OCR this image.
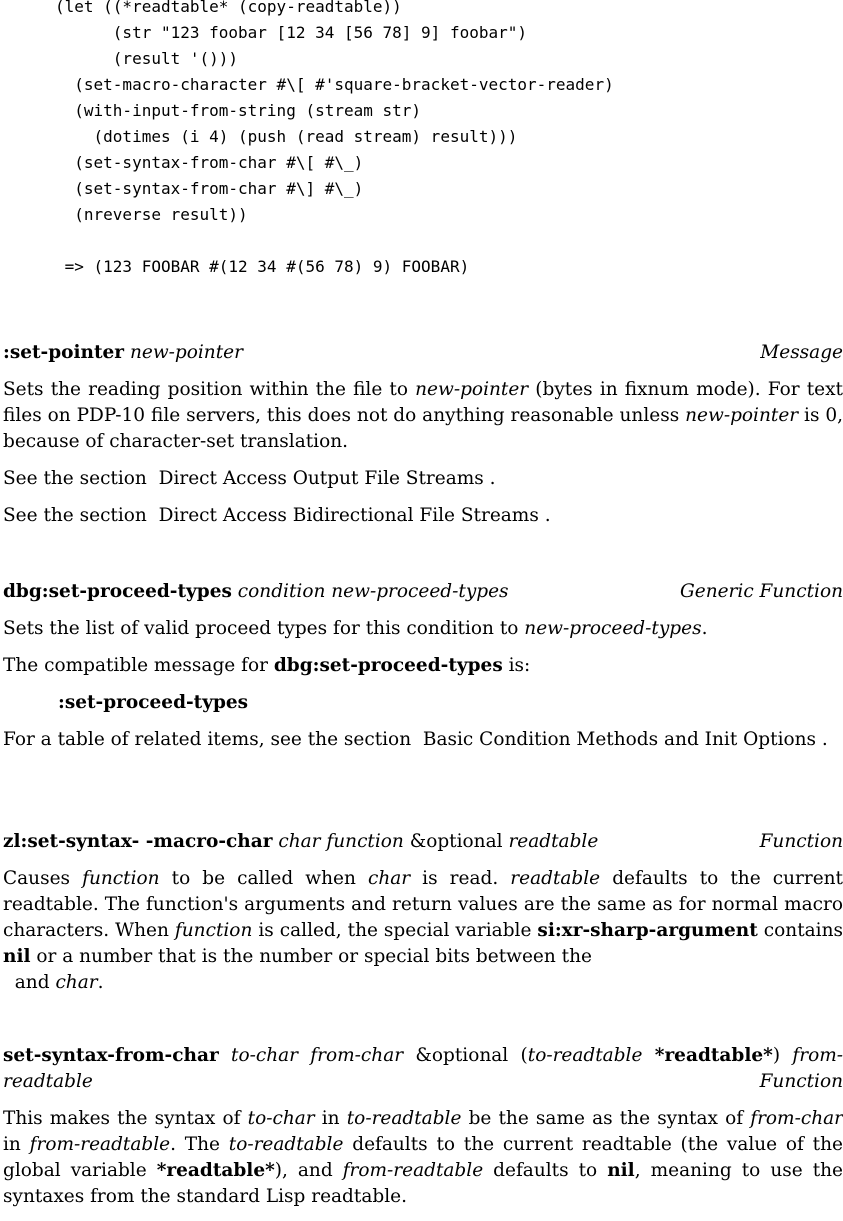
(let ((*readtable* (copy-readtable))
(str "123 foobar [12 34 [56 78] 9] foobar")
(result '()))
(set-macro-character #\[ #'square-bracket-vector-reader)
(with-input-from-string (stream str)
(dotimes (i 4) (push (read stream) result)))
(set-syntax-from-char #\[ #\_)
(set-syntax-from-char #\] #\_)
(nreverse result))

=> (123 FOOBAR #(12 34 #(56 78) 9) FOOBAR)
:set-pointer new-pointer	Message

Sets the reading position within the file to new-pointer (bytes in fixnum mode). For text files on PDP-10 file servers, this does not do anything reasonable unless new-pointer is 0, because of character-set translation.

See the section Direct Access Output File Streams .

See the section Direct Access Bidirectional File Streams .

dbg:set-proceed-types condition new-proceed-types	Generic Function

Sets the list of valid proceed types for this condition to new-proceed-types.

The compatible message for dbg:set-proceed-types is:

:set-proceed-types

For a table of related items, see the section Basic Condition Methods and Init Options .

zl:set-syntax- -macro-char char function &optional readtable	Function

Causes function to be called when char is read. readtable defaults to the current readtable. The function's arguments and return values are the same as for normal macro characters. When function is called, the special variable si:xr-sharp-argument contains nil or a number that is the number or special bits between the
and char.

set-syntax-from-char to-char from-char &optional (to-readtable *readtable*) from-readtable	Function

This makes the syntax of to-char in to-readtable be the same as the syntax of from-char in from-readtable. The to-readtable defaults to the current readtable (the value of the global variable *readtable*), and from-readtable defaults to nil, meaning to use the syntaxes from the standard Lisp readtable.
